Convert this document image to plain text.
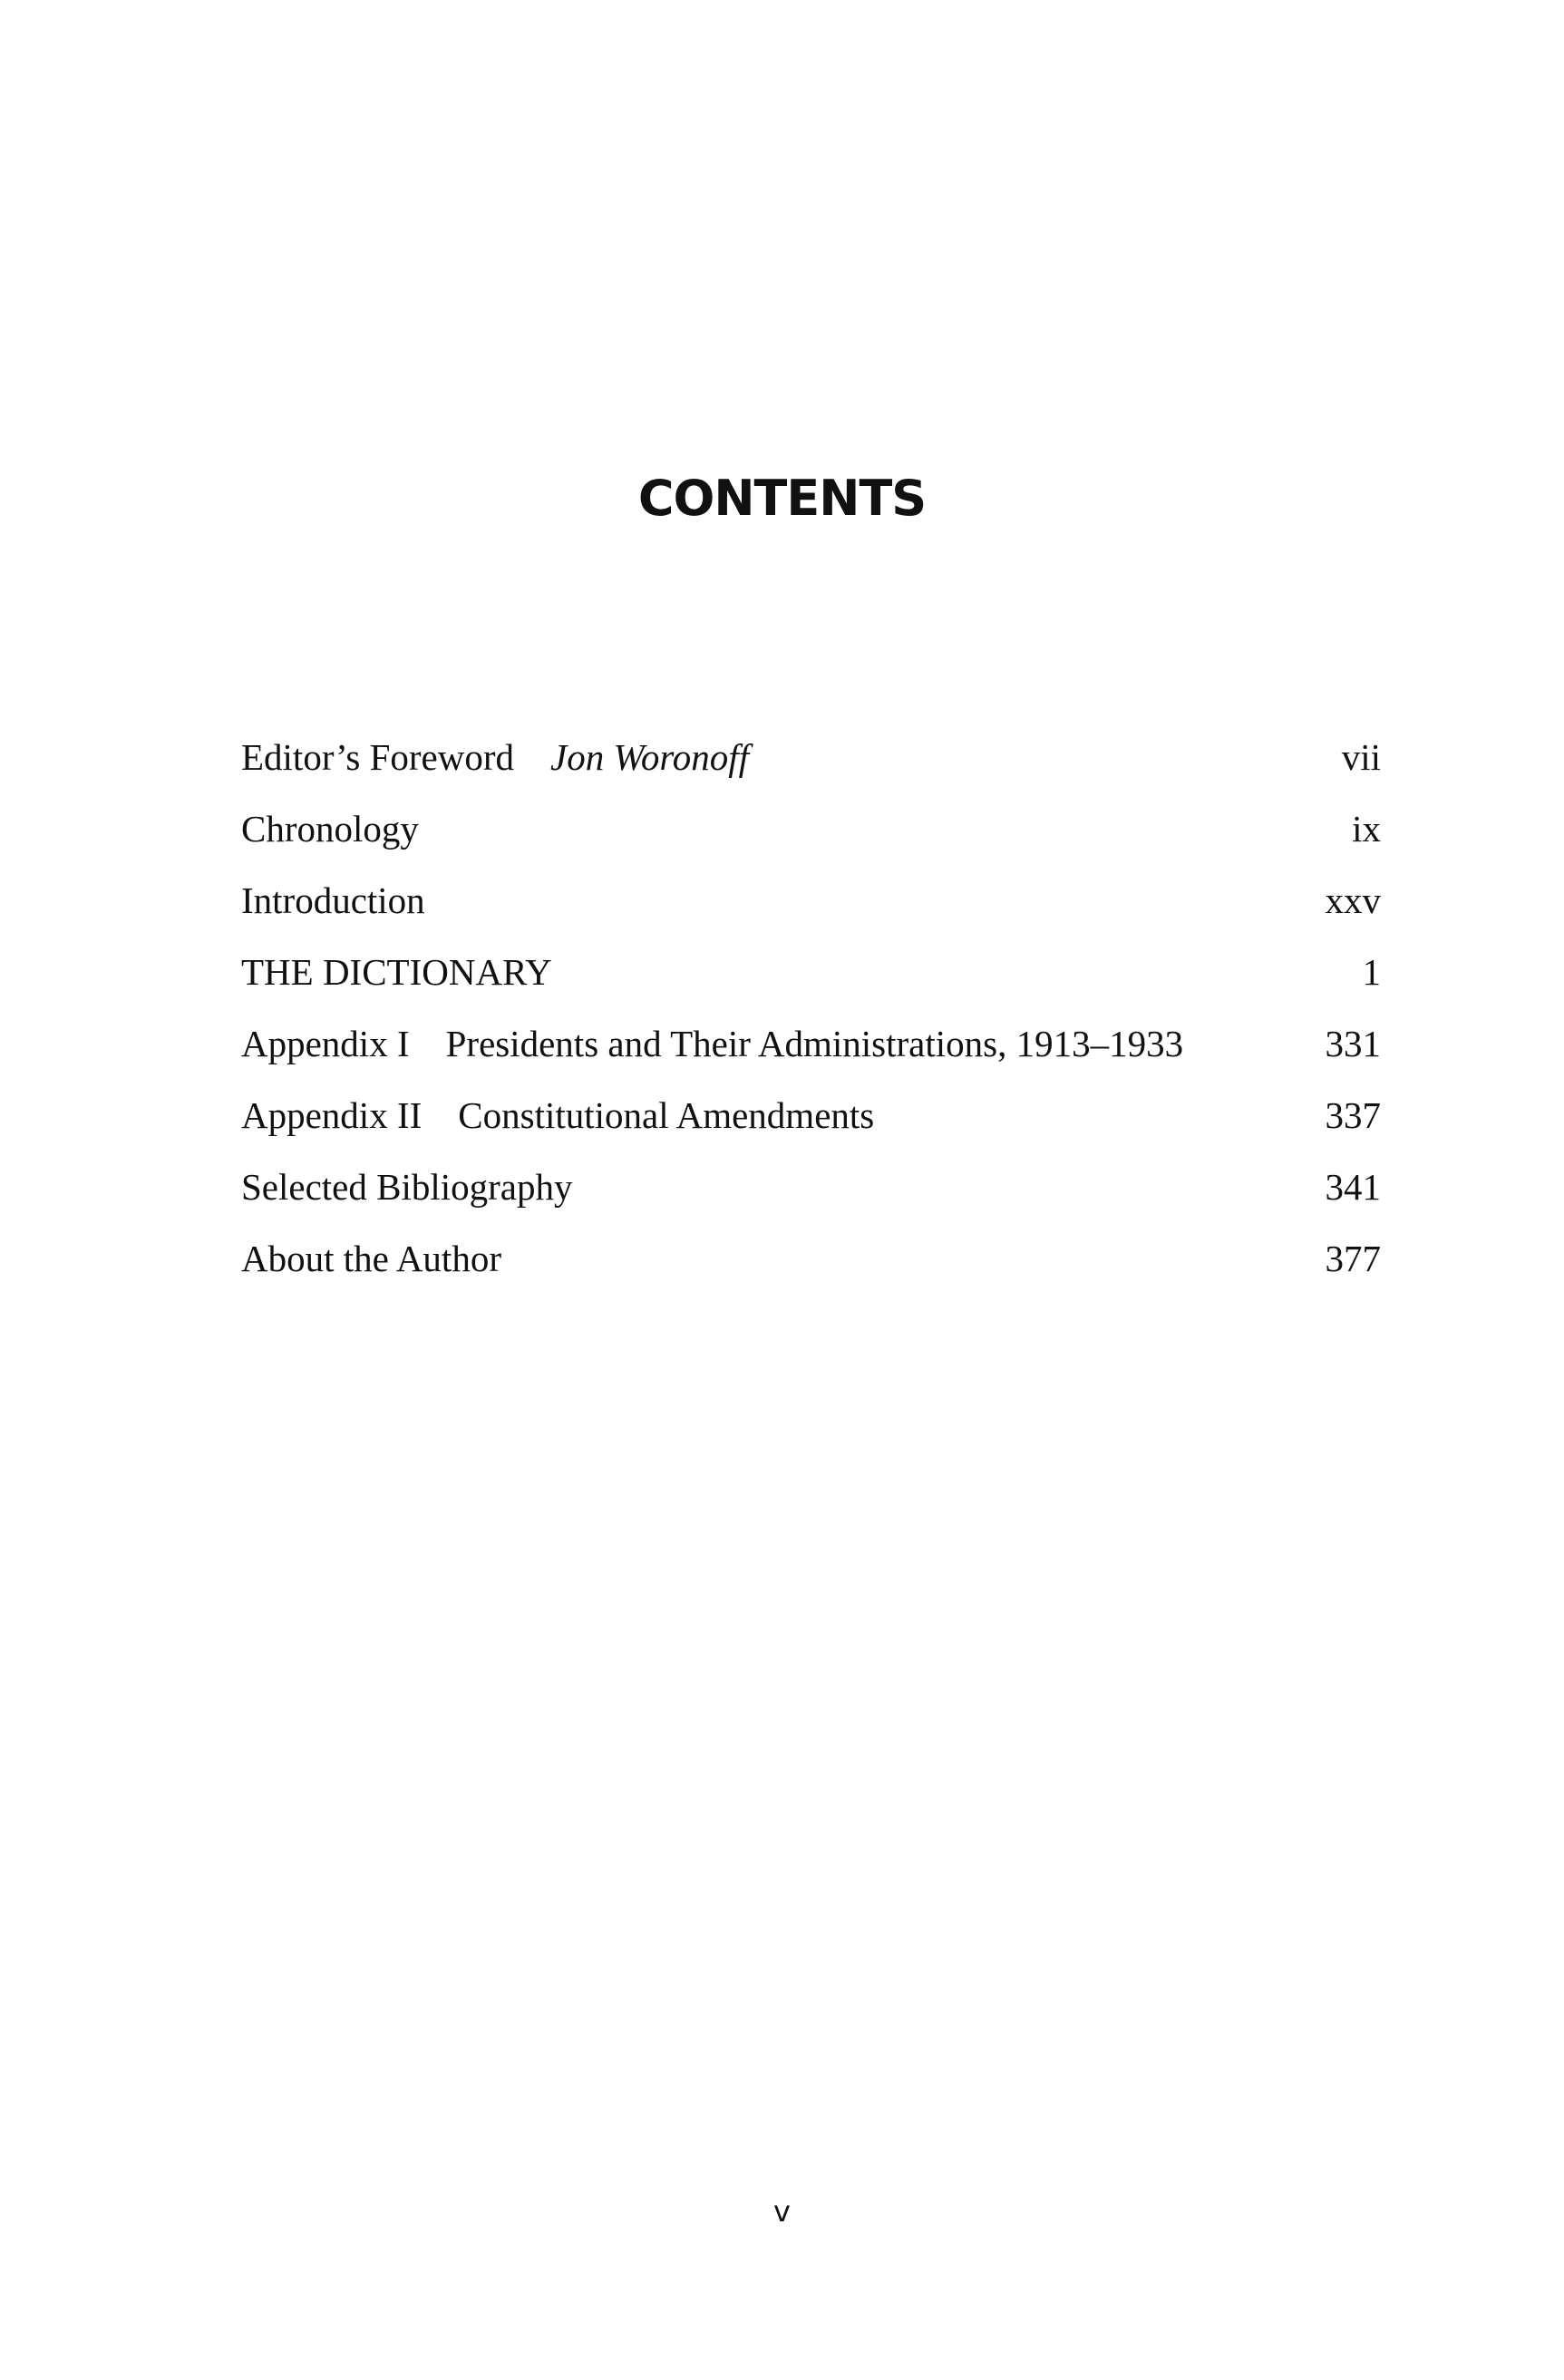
CONTENTS
Editor’s Foreword Jon Woronoff	vii
Chronology	ix
Introduction	xxv
THE DICTIONARY	1
Appendix I Presidents and Their Administrations, 1913–1933	331
Appendix II Constitutional Amendments	337
Selected Bibliography	341
About the Author	377
v
